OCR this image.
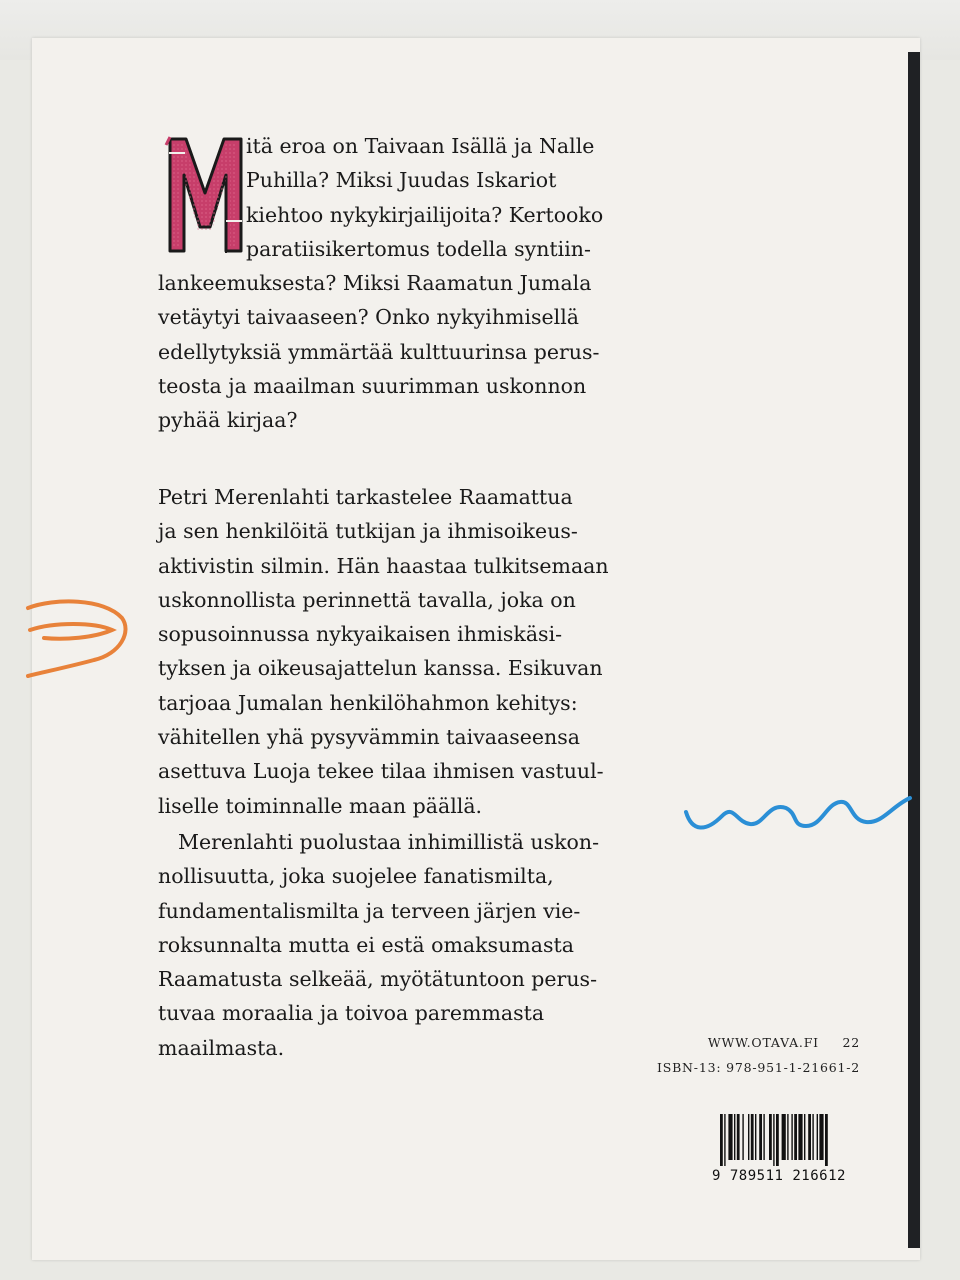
itä eroa on Taivaan Isällä ja Nalle
Puhilla? Miksi Juudas Iskariot
kiehtoo nykykirjailijoita? Kertooko
paratiisikertomus todella syntiin-
lankeemuksesta? Miksi Raamatun Jumala
vetäytyi taivaaseen? Onko nykyihmisellä
edellytyksiä ymmärtää kulttuurinsa perus-
teosta ja maailman suurimman uskonnon
pyhää kirjaa?
Petri Merenlahti tarkastelee Raamattua
ja sen henkilöitä tutkijan ja ihmisoikeus-
aktivistin silmin. Hän haastaa tulkitsemaan
uskonnollista perinnettä tavalla, joka on
sopusoinnussa nykyaikaisen ihmiskäsi-
tyksen ja oikeusajattelun kanssa. Esikuvan
tarjoaa Jumalan henkilöhahmon kehitys:
vähitellen yhä pysyvämmin taivaaseensa
asettuva Luoja tekee tilaa ihmisen vastuul-
liselle toiminnalle maan päällä.
Merenlahti puolustaa inhimillistä uskon-
nollisuutta, joka suojelee fanatismilta,
fundamentalismilta ja terveen järjen vie-
roksunnalta mutta ei estä omaksumasta
Raamatusta selkeää, myötätuntoon perus-
tuvaa moraalia ja toivoa paremmasta
maailmasta.	WWW.OTAVA.FI 22
ISBN-13: 978-951-1-21661-2
9 789511 216612
